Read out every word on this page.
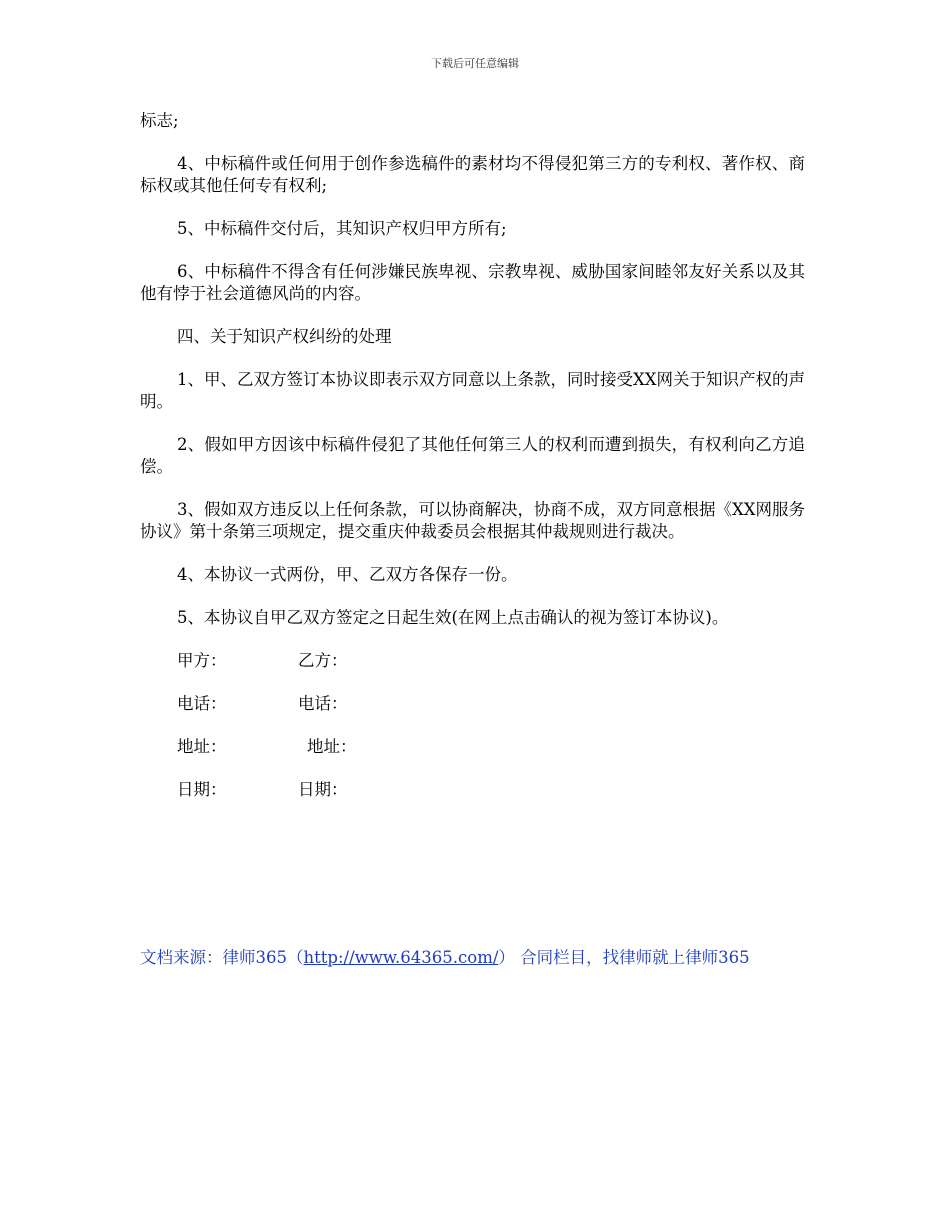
下载后可任意编辑

标志;

4、中标稿件或任何用于创作参选稿件的素材均不得侵犯第三方的专利权、著作权、商标权或其他任何专有权利;

5、中标稿件交付后，其知识产权归甲方所有;

6、中标稿件不得含有任何涉嫌民族卑视、宗教卑视、威胁国家间睦邻友好关系以及其他有悖于社会道德风尚的内容。

四、关于知识产权纠纷的处理

1、甲、乙双方签订本协议即表示双方同意以上条款，同时接受XX网关于知识产权的声明。

2、假如甲方因该中标稿件侵犯了其他任何第三人的权利而遭到损失，有权利向乙方追偿。

3、假如双方违反以上任何条款，可以协商解决，协商不成，双方同意根据《XX网服务协议》第十条第三项规定，提交重庆仲裁委员会根据其仲裁规则进行裁决。

4、本协议一式两份，甲、乙双方各保存一份。

5、本协议自甲乙双方签定之日起生效(在网上点击确认的视为签订本协议)。

甲方：	乙方：
电话：	电话：
地址：	地址：
日期：	日期：
文档来源：律师365（http://www.64365.com/） 合同栏目，找律师就上律师365
